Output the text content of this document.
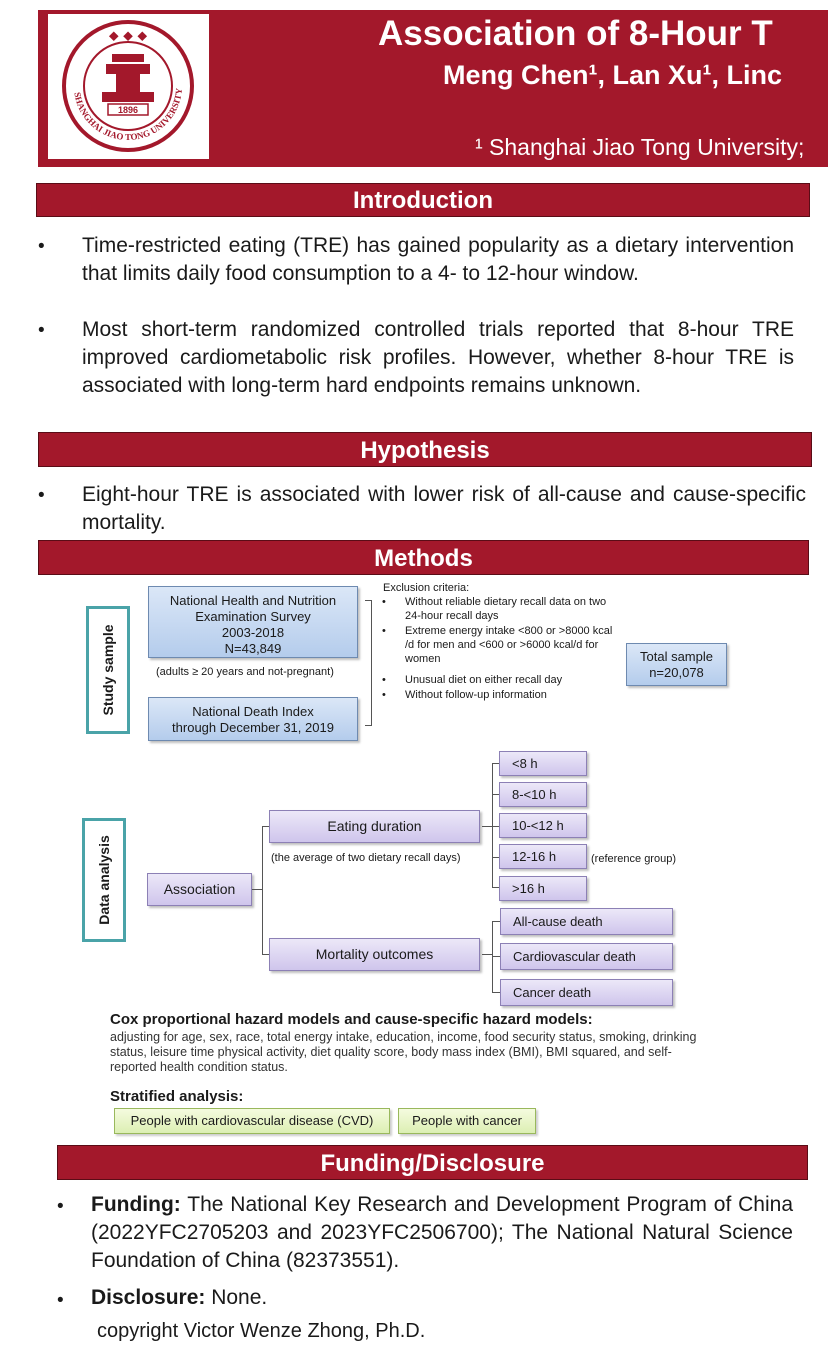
SHANGHAI JIAO TONG UNIVERSITY
⬥ ⬥ ⬥
1896
Association of 8-Hour T
Meng Chen¹, Lan Xu¹, Linc
¹ Shanghai Jiao Tong University;
Introduction
• Time-restricted eating (TRE) has gained popularity as a dietary intervention that limits daily food consumption to a 4- to 12-hour window.
• Most short-term randomized controlled trials reported that 8-hour TRE improved cardiometabolic risk profiles. However, whether 8-hour TRE is associated with long-term hard endpoints remains unknown.
Hypothesis
• Eight-hour TRE is associated with lower risk of all-cause and cause-specific mortality.
Methods
Study sample
National Health and Nutrition
Examination Survey
2003-2018
N=43,849
(adults ≥ 20 years and not-pregnant)
National Death Index
through December 31, 2019
Exclusion criteria:
• Without reliable dietary recall data on two 24-hour recall days
• Extreme energy intake <800 or >8000 kcal /d for men and <600 or >6000 kcal/d for women
• Unusual diet on either recall day
• Without follow-up information
Total sample
n=20,078
Data analysis	Association
Eating duration
(the average of two dietary recall days)
Mortality outcomes
<8 h
8-<10 h
10-<12 h
12-16 h	(reference group)
>16 h
All-cause death
Cardiovascular death
Cancer death
Cox proportional hazard models and cause-specific hazard models:
adjusting for age, sex, race, total energy intake, education, income, food security status, smoking, drinking status, leisure time physical activity, diet quality score, body mass index (BMI), BMI squared, and self-reported health condition status.
Stratified analysis:
People with cardiovascular disease (CVD)	People with cancer
Funding/Disclosure
• Funding: The National Key Research and Development Program of China (2022YFC2705203 and 2023YFC2506700); The National Natural Science Foundation of China (82373551).
• Disclosure: None.
copyright Victor Wenze Zhong, Ph.D.
